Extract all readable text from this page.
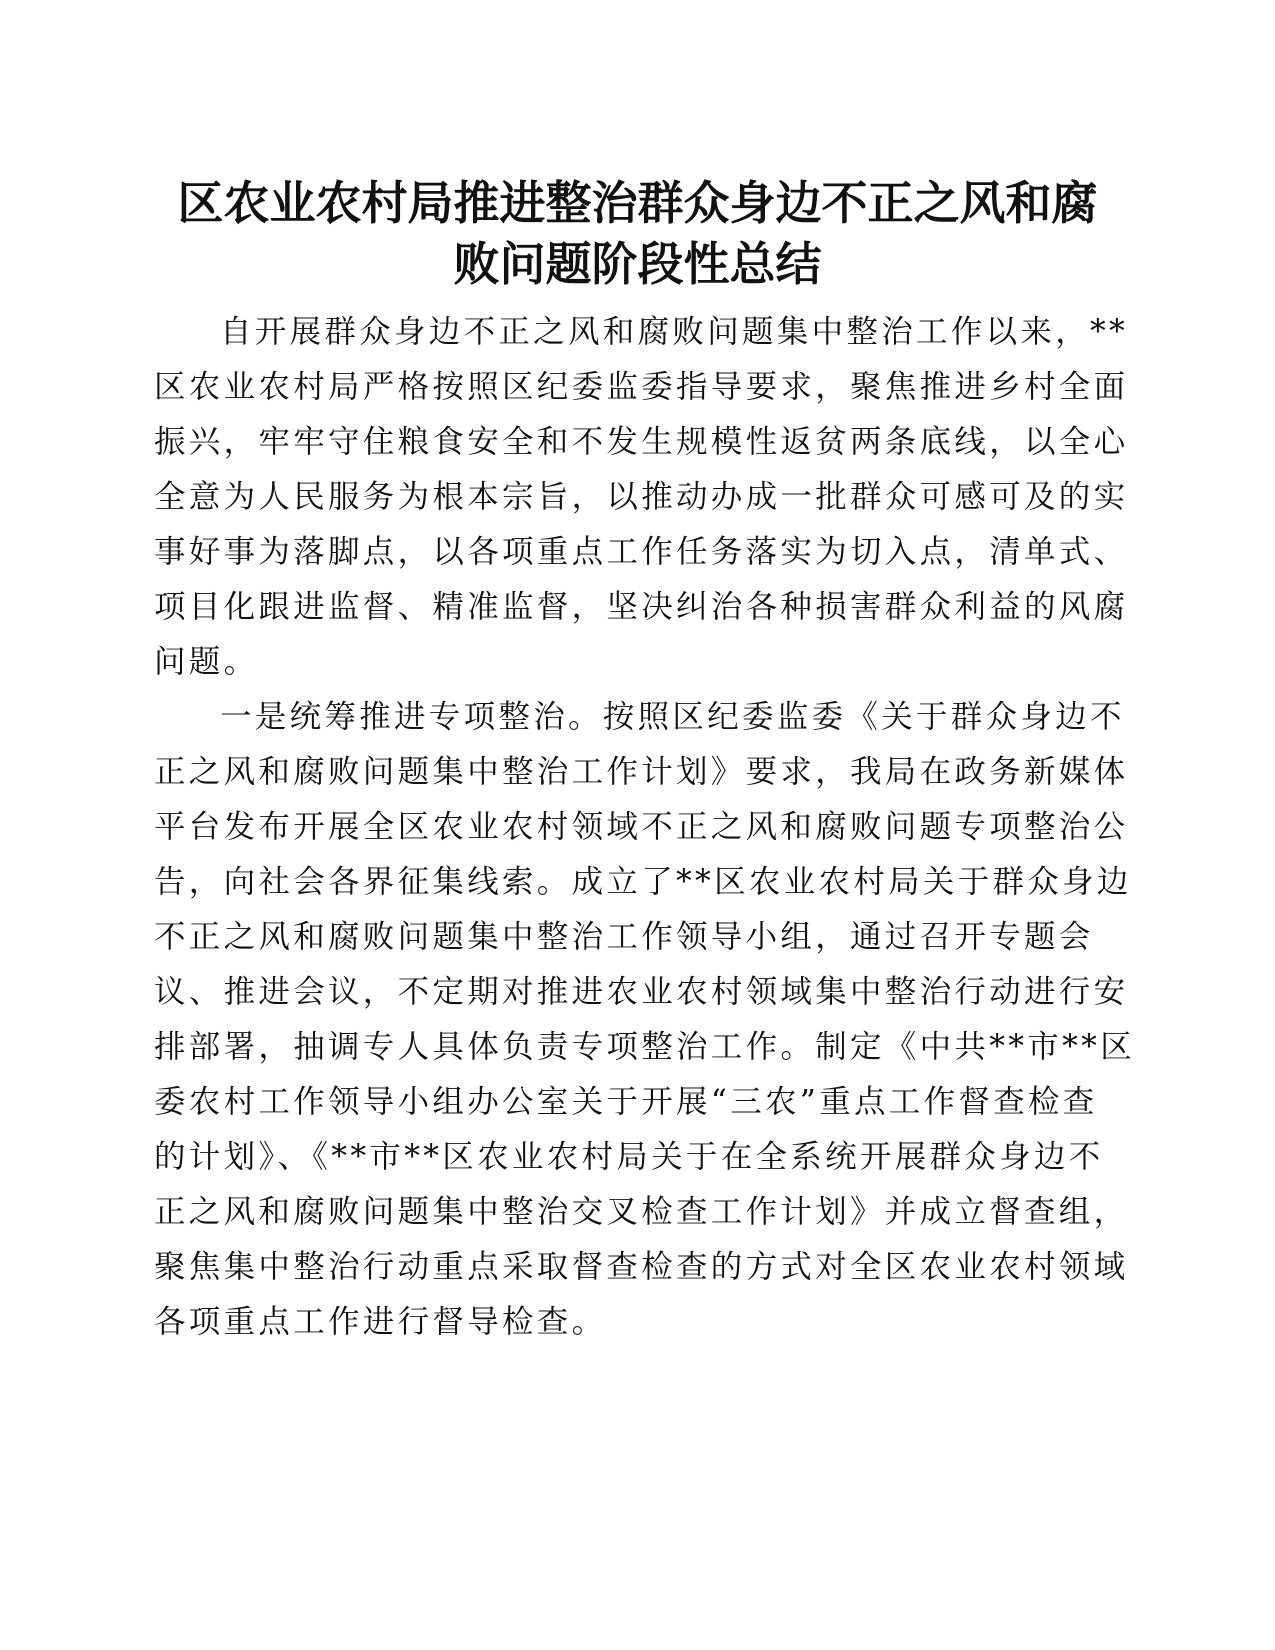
区农业农村局推进整治群众身边不正之风和腐
败问题阶段性总结

自开展群众身边不正之风和腐败问题集中整治工作以来，**

区农业农村局严格按照区纪委监委指导要求，聚焦推进乡村全面

振兴，牢牢守住粮食安全和不发生规模性返贫两条底线，以全心

全意为人民服务为根本宗旨，以推动办成一批群众可感可及的实

事好事为落脚点，以各项重点工作任务落实为切入点，清单式、

项目化跟进监督、精准监督，坚决纠治各种损害群众利益的风腐

问题。

一是统筹推进专项整治。按照区纪委监委《关于群众身边不

正之风和腐败问题集中整治工作计划》要求，我局在政务新媒体

平台发布开展全区农业农村领域不正之风和腐败问题专项整治公

告，向社会各界征集线索。成立了**区农业农村局关于群众身边

不正之风和腐败问题集中整治工作领导小组，通过召开专题会

议、推进会议，不定期对推进农业农村领域集中整治行动进行安

排部署，抽调专人具体负责专项整治工作。制定《中共**市**区

委农村工作领导小组办公室关于开展“三农”重点工作督查检查

的计划》、《**市**区农业农村局关于在全系统开展群众身边不

正之风和腐败问题集中整治交叉检查工作计划》并成立督查组，

聚焦集中整治行动重点采取督查检查的方式对全区农业农村领域

各项重点工作进行督导检查。
